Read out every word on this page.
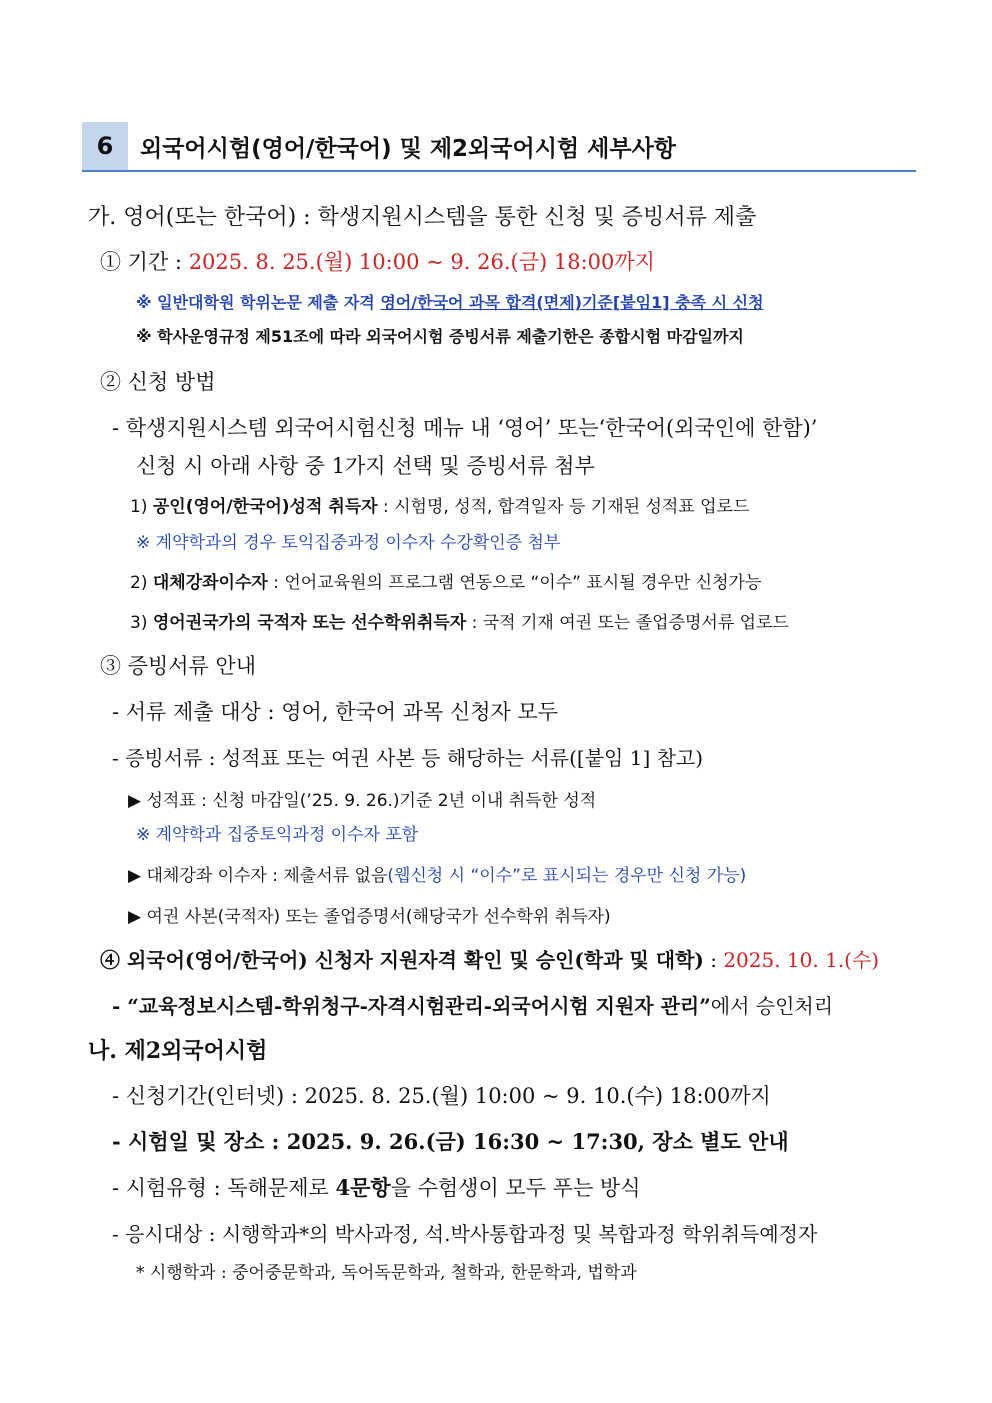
6	외국어시험(영어/한국어) 및 제2외국어시험 세부사항
가. 영어(또는 한국어) : 학생지원시스템을 통한 신청 및 증빙서류 제출
① 기간 : 2025. 8. 25.(월) 10:00 ~ 9. 26.(금) 18:00까지
※ 일반대학원 학위논문 제출 자격 영어/한국어 과목 합격(면제)기준[붙임1] 충족 시 신청
※ 학사운영규정 제51조에 따라 외국어시험 증빙서류 제출기한은 종합시험 마감일까지
② 신청 방법
- 학생지원시스템 외국어시험신청 메뉴 내 ‘영어’ 또는‘한국어(외국인에 한함)’
신청 시 아래 사항 중 1가지 선택 및 증빙서류 첨부
1) 공인(영어/한국어)성적 취득자 : 시험명, 성적, 합격일자 등 기재된 성적표 업로드
※ 계약학과의 경우 토익집중과정 이수자 수강확인증 첨부
2) 대체강좌이수자 : 언어교육원의 프로그램 연동으로 “이수” 표시될 경우만 신청가능
3) 영어권국가의 국적자 또는 선수학위취득자 : 국적 기재 여권 또는 졸업증명서류 업로드
③ 증빙서류 안내
- 서류 제출 대상 : 영어, 한국어 과목 신청자 모두
- 증빙서류 : 성적표 또는 여권 사본 등 해당하는 서류([붙임 1] 참고)
▶ 성적표 : 신청 마감일(’25. 9. 26.)기준 2년 이내 취득한 성적
※ 계약학과 집중토익과정 이수자 포함
▶ 대체강좌 이수자 : 제출서류 없음(웹신청 시 “이수”로 표시되는 경우만 신청 가능)
▶ 여권 사본(국적자) 또는 졸업증명서(해당국가 선수학위 취득자)
④ 외국어(영어/한국어) 신청자 지원자격 확인 및 승인(학과 및 대학) : 2025. 10. 1.(수)
- “교육정보시스템-학위청구-자격시험관리-외국어시험 지원자 관리”에서 승인처리
나. 제2외국어시험
- 신청기간(인터넷) : 2025. 8. 25.(월) 10:00 ~ 9. 10.(수) 18:00까지
- 시험일 및 장소 : 2025. 9. 26.(금) 16:30 ~ 17:30, 장소 별도 안내
- 시험유형 : 독해문제로 4문항을 수험생이 모두 푸는 방식
- 응시대상 : 시행학과*의 박사과정, 석.박사통합과정 및 복합과정 학위취득예정자
* 시행학과 : 중어중문학과, 독어독문학과, 철학과, 한문학과, 법학과
